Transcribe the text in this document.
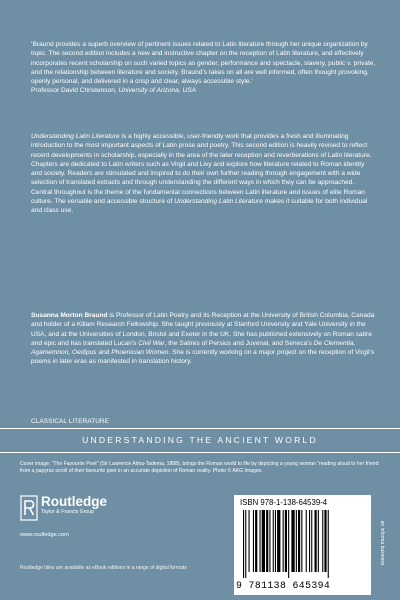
‘Braund provides a superb overview of pertinent issues related to Latin literature through her unique organization by topic. The second edition includes a new and instructive chapter on the reception of Latin literature, and effectively incorporates recent scholarship on such varied topics as gender, performance and spectacle, slavery, public v. private, and the relationship between literature and society. Braund’s takes on all are well informed, often thought provoking, openly personal, and delivered in a crisp and clear, always accessible style.’
Professor David Christenson, University of Arizona, USA

Understanding Latin Literature is a highly accessible, user-friendly work that provides a fresh and illuminating introduction to the most important aspects of Latin prose and poetry. This second edition is heavily revised to reflect recent developments in scholarship, especially in the area of the later reception and reverberations of Latin literature. Chapters are dedicated to Latin writers such as Virgil and Livy and explore how literature related to Roman identity and society. Readers are stimulated and inspired to do their own further reading through engagement with a wide selection of translated extracts and through understanding the different ways in which they can be approached. Central throughout is the theme of the fundamental connections between Latin literature and issues of elite Roman culture. The versatile and accessible structure of Understanding Latin Literature makes it suitable for both individual and class use.

Susanna Morton Braund is Professor of Latin Poetry and its Reception at the University of British Columbia, Canada and holder of a Killam Research Fellowship. She taught previously at Stanford University and Yale University in the USA, and at the Universities of London, Bristol and Exeter in the UK. She has published extensively on Roman satire and epic and has translated Lucan’s Civil War, the Satires of Persius and Juvenal, and Seneca’s De Clementia, Agamemnon, Oedipus and Phoenician Women. She is currently working on a major project on the reception of Virgil’s poems in later eras as manifested in translation history.

CLASSICAL LITERATURE

UNDERSTANDING THE ANCIENT WORLD

Cover image: “The Favourite Poet” (Sir Lawrence Alma-Tadema, 1888), brings the Roman world to life by depicting a young woman “reading aloud to her friend from a papyrus scroll of their favourite poet in an accurate depiction of Roman reality. Photo © AKG Images.

Routledge
Taylor & Francis Group
www.routledge.com
Routledge titles are available as eBook editions in a range of digital formats
ISBN 978-1-138-64539-4
9 781138 645394
an informa business
